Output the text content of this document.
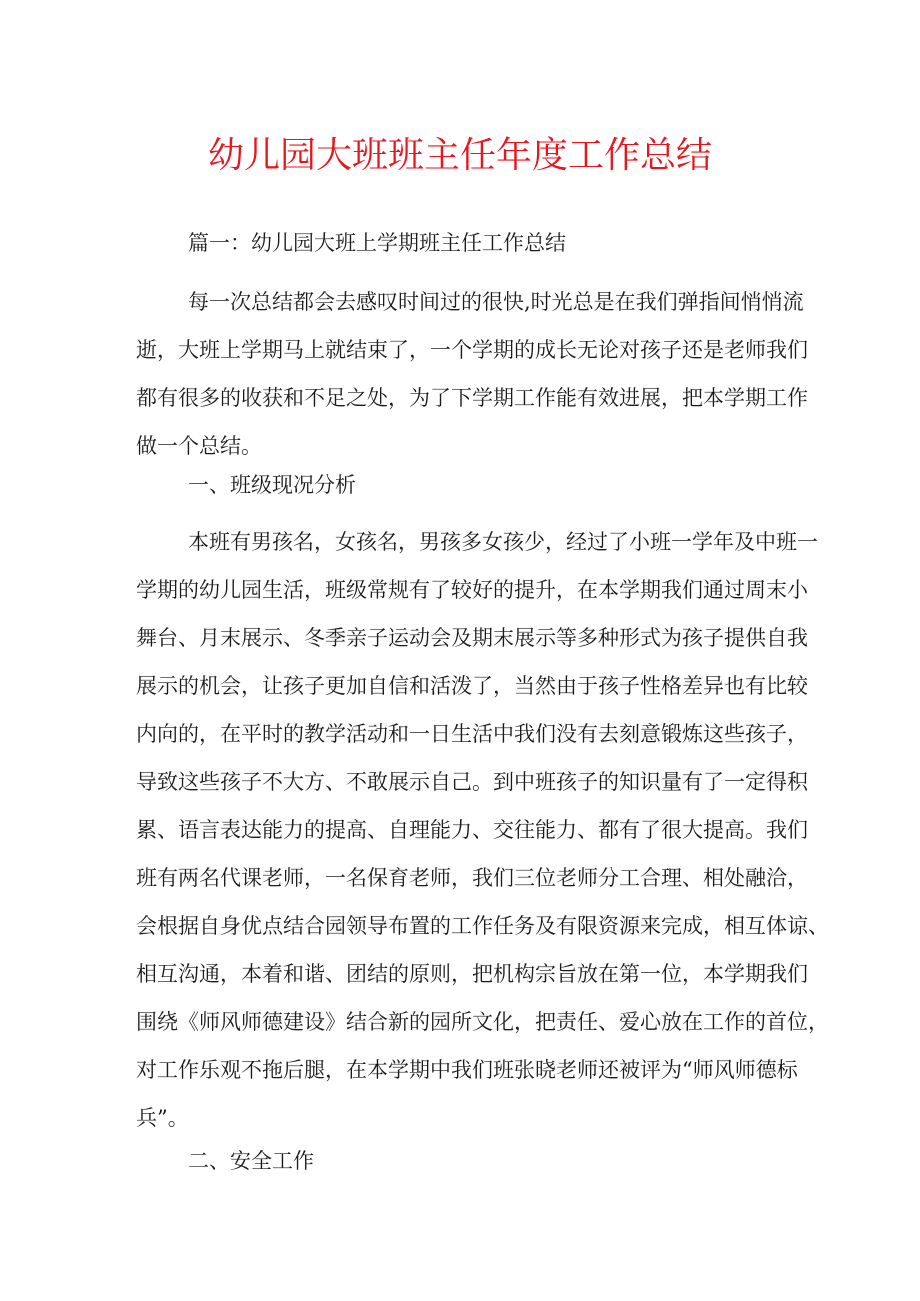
幼儿园大班班主任年度工作总结
篇一：幼儿园大班上学期班主任工作总结
每一次总结都会去感叹时间过的很快,时光总是在我们弹指间悄悄流
逝，大班上学期马上就结束了，一个学期的成长无论对孩子还是老师我们
都有很多的收获和不足之处，为了下学期工作能有效进展，把本学期工作
做一个总结。
一、班级现况分析
本班有男孩名，女孩名，男孩多女孩少，经过了小班一学年及中班一
学期的幼儿园生活，班级常规有了较好的提升，在本学期我们通过周末小
舞台、月末展示、冬季亲子运动会及期末展示等多种形式为孩子提供自我
展示的机会，让孩子更加自信和活泼了，当然由于孩子性格差异也有比较
内向的，在平时的教学活动和一日生活中我们没有去刻意锻炼这些孩子，
导致这些孩子不大方、不敢展示自己。到中班孩子的知识量有了一定得积
累、语言表达能力的提高、自理能力、交往能力、都有了很大提高。我们
班有两名代课老师，一名保育老师，我们三位老师分工合理、相处融洽，
会根据自身优点结合园领导布置的工作任务及有限资源来完成，相互体谅、
相互沟通，本着和谐、团结的原则，把机构宗旨放在第一位，本学期我们
围绕《师风师德建设》结合新的园所文化，把责任、爱心放在工作的首位，
对工作乐观不拖后腿，在本学期中我们班张晓老师还被评为“师风师德标
兵”。
二、安全工作
